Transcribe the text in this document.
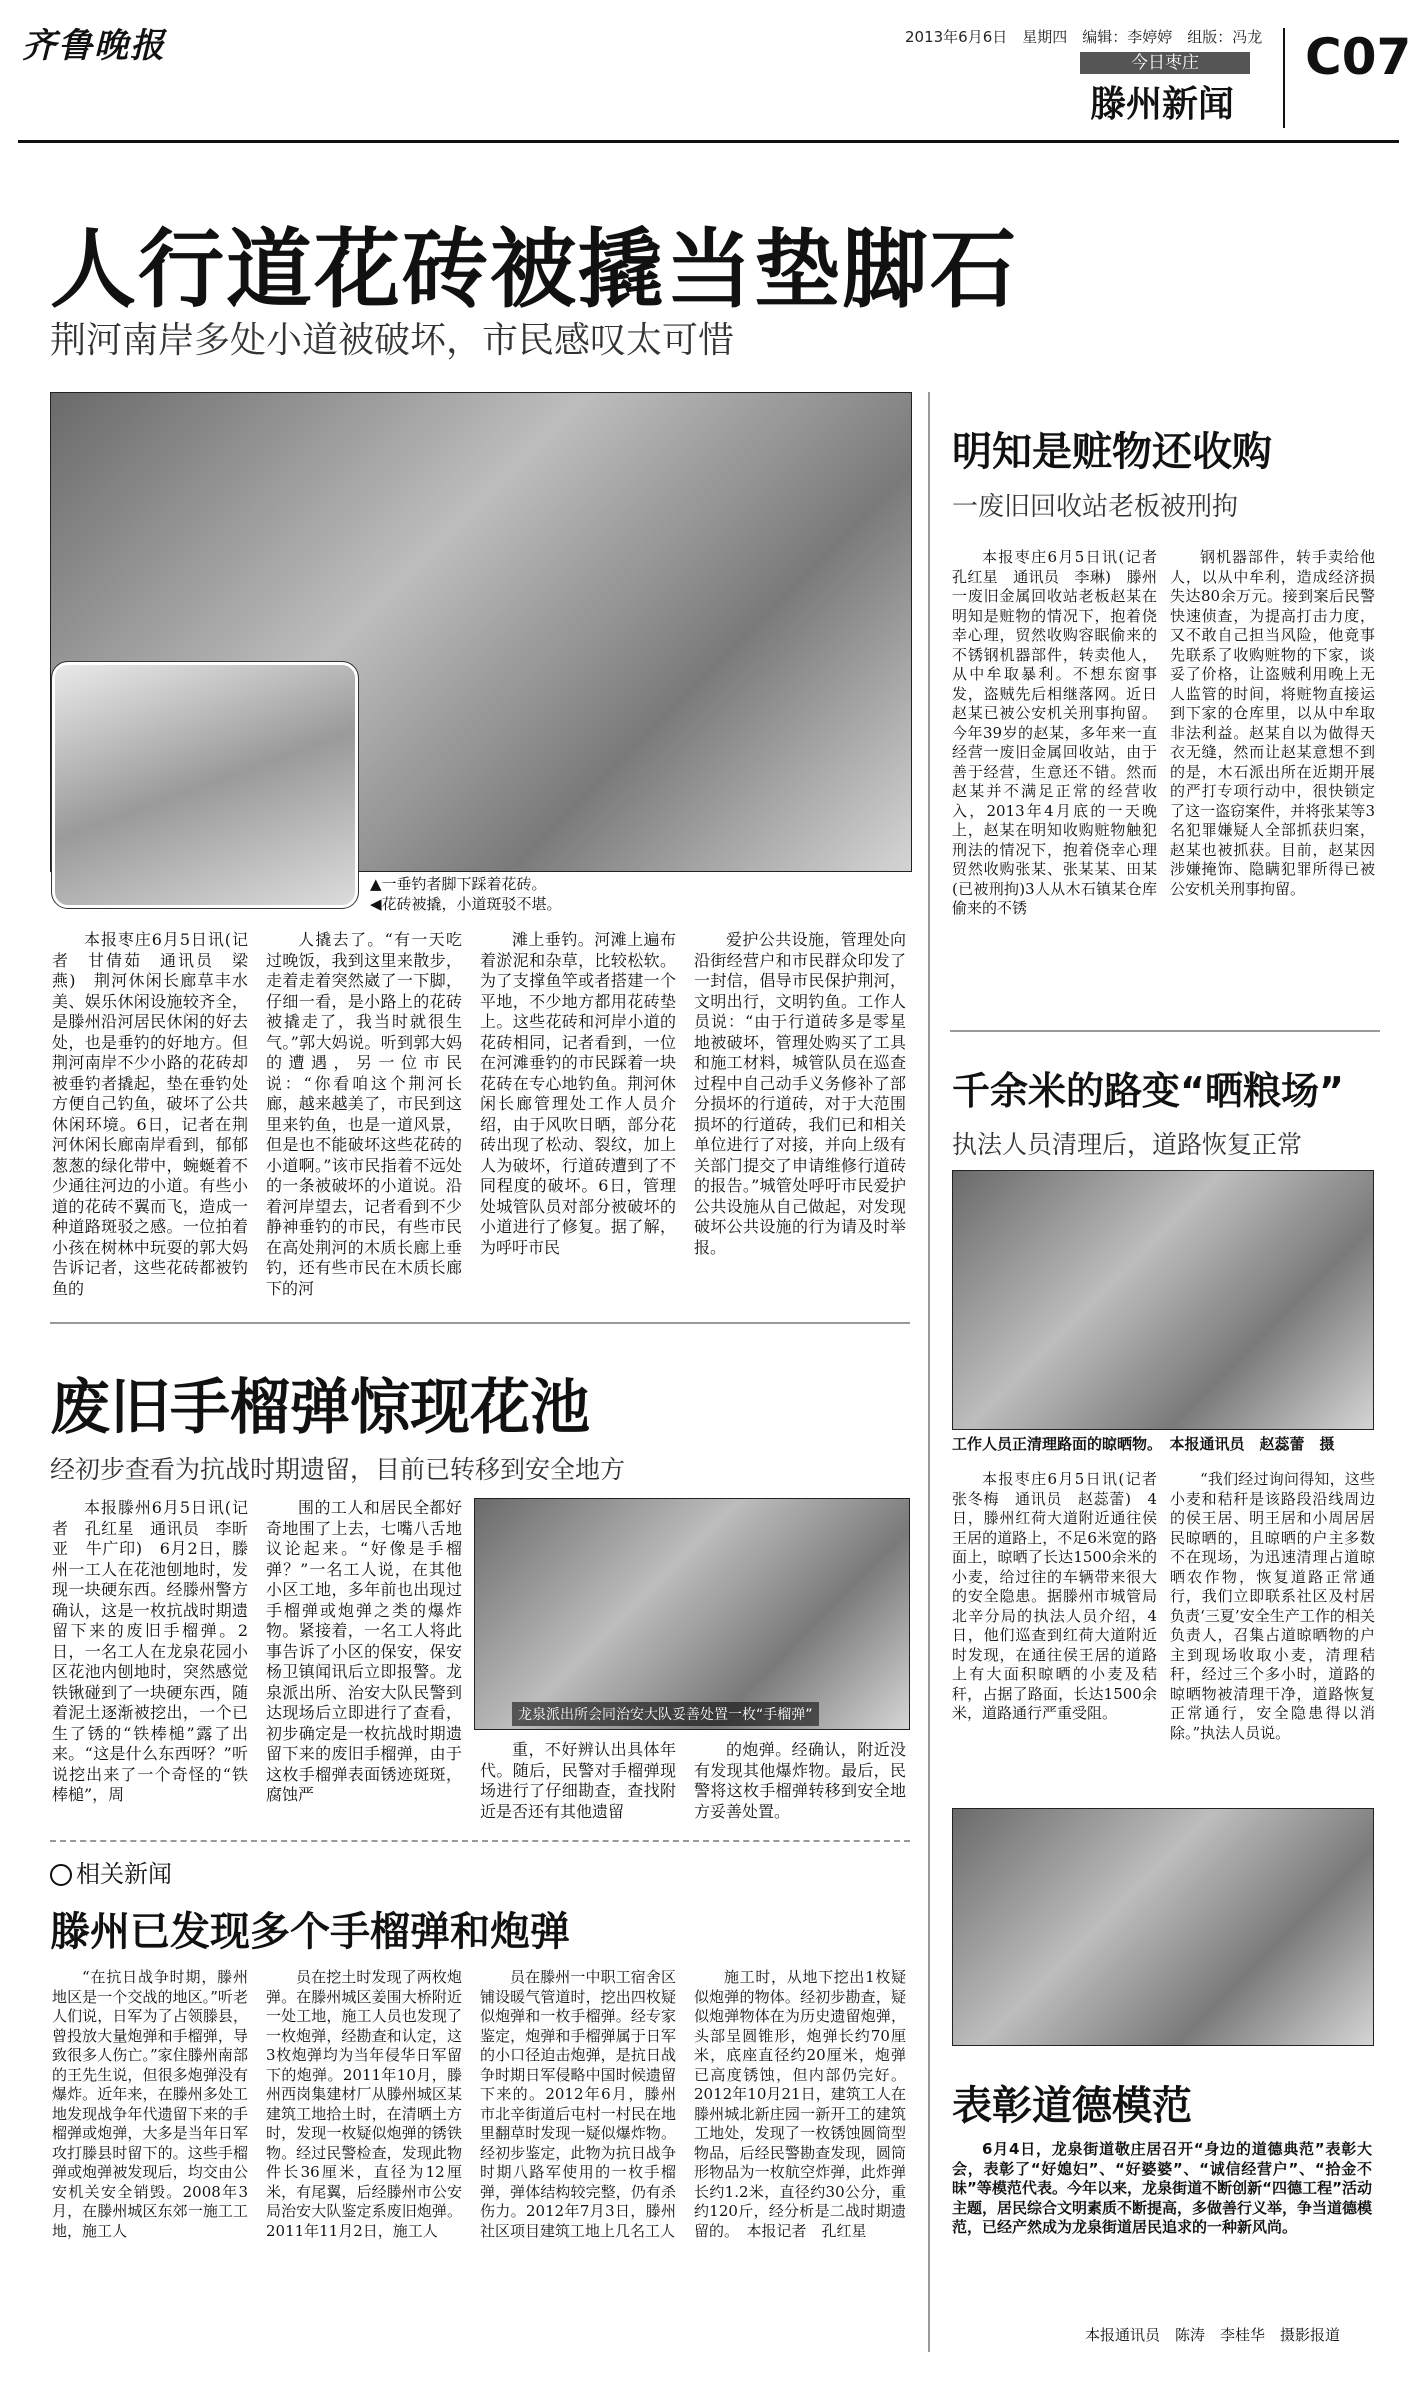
齐鲁晚报	2013年6月6日　星期四　编辑：李婷婷　组版：冯龙
今日枣庄
滕州新闻
C07
人行道花砖被撬当垫脚石
荆河南岸多处小道被破坏，市民感叹太可惜
▲一垂钓者脚下踩着花砖。
◀花砖被撬，小道斑驳不堪。

本报枣庄6月5日讯(记者　甘倩茹　通讯员　梁燕)　荆河休闲长廊草丰水美、娱乐休闲设施较齐全，是滕州沿河居民休闲的好去处，也是垂钓的好地方。但荆河南岸不少小路的花砖却被垂钓者撬起，垫在垂钓处方便自己钓鱼，破坏了公共休闲环境。6日，记者在荆河休闲长廊南岸看到，郁郁葱葱的绿化带中，蜿蜒着不少通往河边的小道。有些小道的花砖不翼而飞，造成一种道路斑驳之感。一位拍着小孩在树林中玩耍的郭大妈告诉记者，这些花砖都被钓鱼的

人撬去了。“有一天吃过晚饭，我到这里来散步，走着走着突然崴了一下脚，仔细一看，是小路上的花砖被撬走了，我当时就很生气。”郭大妈说。听到郭大妈的遭遇，另一位市民说：“你看咱这个荆河长廊，越来越美了，市民到这里来钓鱼，也是一道风景，但是也不能破坏这些花砖的小道啊。”该市民指着不远处的一条被破坏的小道说。沿着河岸望去，记者看到不少静神垂钓的市民，有些市民在高处荆河的木质长廊上垂钓，还有些市民在木质长廊下的河

滩上垂钓。河滩上遍布着淤泥和杂草，比较松软。为了支撑鱼竿或者搭建一个平地，不少地方都用花砖垫上。这些花砖和河岸小道的花砖相同，记者看到，一位在河滩垂钓的市民踩着一块花砖在专心地钓鱼。荆河休闲长廊管理处工作人员介绍，由于风吹日晒，部分花砖出现了松动、裂纹，加上人为破坏，行道砖遭到了不同程度的破坏。6日，管理处城管队员对部分被破坏的小道进行了修复。据了解，为呼吁市民

爱护公共设施，管理处向沿街经营户和市民群众印发了一封信，倡导市民保护荆河，文明出行，文明钓鱼。工作人员说：“由于行道砖多是零星地被破坏，管理处购买了工具和施工材料，城管队员在巡查过程中自己动手义务修补了部分损坏的行道砖，对于大范围损坏的行道砖，我们已和相关单位进行了对接，并向上级有关部门提交了申请维修行道砖的报告。”城管处呼吁市民爱护公共设施从自己做起，对发现破坏公共设施的行为请及时举报。

明知是赃物还收购
一废旧回收站老板被刑拘

本报枣庄6月5日讯(记者　孔红星　通讯员　李琳)　滕州一废旧金属回收站老板赵某在明知是赃物的情况下，抱着侥幸心理，贸然收购容眠偷来的不锈钢机器部件，转卖他人，从中牟取暴利。不想东窗事发，盗贼先后相继落网。近日赵某已被公安机关刑事拘留。今年39岁的赵某，多年来一直经营一废旧金属回收站，由于善于经营，生意还不错。然而赵某并不满足正常的经营收入，2013年4月底的一天晚上，赵某在明知收购赃物触犯刑法的情况下，抱着侥幸心理贸然收购张某、张某某、田某(已被刑拘)3人从木石镇某仓库偷来的不锈

钢机器部件，转手卖给他人，以从中牟利，造成经济损失达80余万元。接到案后民警快速侦查，为提高打击力度，又不敢自己担当风险，他竟事先联系了收购赃物的下家，谈妥了价格，让盗贼利用晚上无人监管的时间，将赃物直接运到下家的仓库里，以从中牟取非法利益。赵某自以为做得天衣无缝，然而让赵某意想不到的是，木石派出所在近期开展的严打专项行动中，很快锁定了这一盗窃案件，并将张某等3名犯罪嫌疑人全部抓获归案，赵某也被抓获。目前，赵某因涉嫌掩饰、隐瞒犯罪所得已被公安机关刑事拘留。

千余米的路变“晒粮场”
执法人员清理后，道路恢复正常
工作人员正清理路面的晾晒物。　本报通讯员　赵蕊蕾　摄

本报枣庄6月5日讯(记者　张冬梅　通讯员　赵蕊蕾)　4日，滕州红荷大道附近通往侯王居的道路上，不足6米宽的路面上，晾晒了长达1500余米的小麦，给过往的车辆带来很大的安全隐患。据滕州市城管局北辛分局的执法人员介绍，4日，他们巡查到红荷大道附近时发现，在通往侯王居的道路上有大面积晾晒的小麦及秸秆，占据了路面，长达1500余米，道路通行严重受阻。

“我们经过询问得知，这些小麦和秸秆是该路段沿线周边的侯王居、明王居和小周居居民晾晒的，且晾晒的户主多数不在现场，为迅速清理占道晾晒农作物，恢复道路正常通行，我们立即联系社区及村居负责‘三夏’安全生产工作的相关负责人，召集占道晾晒物的户主到现场收取小麦，清理秸秆，经过三个多小时，道路的晾晒物被清理干净，道路恢复正常通行，安全隐患得以消除。”执法人员说。

表彰道德模范

6月4日，龙泉街道敬庄居召开“身边的道德典范”表彰大会，表彰了“好媳妇”、“好婆婆”、“诚信经营户”、“拾金不昧”等模范代表。今年以来，龙泉街道不断创新“四德工程”活动主题，居民综合文明素质不断提高，多做善行义举，争当道德模范，已经产然成为龙泉街道居民追求的一种新风尚。

本报通讯员　陈涛　李桂华　摄影报道
废旧手榴弹惊现花池
经初步查看为抗战时期遗留，目前已转移到安全地方

本报滕州6月5日讯(记者　孔红星　通讯员　李昕亚　牛广印)　6月2日，滕州一工人在花池刨地时，发现一块硬东西。经滕州警方确认，这是一枚抗战时期遗留下来的废旧手榴弹。2日，一名工人在龙泉花园小区花池内刨地时，突然感觉铁锹碰到了一块硬东西，随着泥土逐渐被挖出，一个已生了锈的“铁棒槌”露了出来。“这是什么东西呀？”听说挖出来了一个奇怪的“铁棒槌”，周

围的工人和居民全都好奇地围了上去，七嘴八舌地议论起来。“好像是手榴弹？”一名工人说，在其他小区工地，多年前也出现过手榴弹或炮弹之类的爆炸物。紧接着，一名工人将此事告诉了小区的保安，保安杨卫镇闻讯后立即报警。龙泉派出所、治安大队民警到达现场后立即进行了查看，初步确定是一枚抗战时期遗留下来的废旧手榴弹，由于这枚手榴弹表面锈迹斑斑，腐蚀严

龙泉派出所会同治安大队妥善处置一枚“手榴弹”

重，不好辨认出具体年代。随后，民警对手榴弹现场进行了仔细勘查，查找附近是否还有其他遗留

的炮弹。经确认，附近没有发现其他爆炸物。最后，民警将这枚手榴弹转移到安全地方妥善处置。

相关新闻
滕州已发现多个手榴弹和炮弹

“在抗日战争时期，滕州地区是一个交战的地区。”听老人们说，日军为了占领滕县，曾投放大量炮弹和手榴弹，导致很多人伤亡。”家住滕州南部的王先生说，但很多炮弹没有爆炸。近年来，在滕州多处工地发现战争年代遗留下来的手榴弹或炮弹，大多是当年日军攻打滕县时留下的。这些手榴弹或炮弹被发现后，均交由公安机关安全销毁。2008年3月，在滕州城区东郊一施工工地，施工人

员在挖土时发现了两枚炮弹。在滕州城区姜围大桥附近一处工地，施工人员也发现了一枚炮弹，经勘查和认定，这3枚炮弹均为当年侵华日军留下的炮弹。2011年10月，滕州西岗集建材厂从滕州城区某建筑工地拾土时，在清晒土方时，发现一枚疑似炮弹的锈铁物。经过民警检查，发现此物件长36厘米，直径为12厘米，有尾翼，后经滕州市公安局治安大队鉴定系废旧炮弹。2011年11月2日，施工人

员在滕州一中职工宿舍区铺设暖气管道时，挖出四枚疑似炮弹和一枚手榴弹。经专家鉴定，炮弹和手榴弹属于日军的小口径迫击炮弹，是抗日战争时期日军侵略中国时候遗留下来的。2012年6月，滕州市北辛街道后屯村一村民在地里翻草时发现一疑似爆炸物。经初步鉴定，此物为抗日战争时期八路军使用的一枚手榴弹，弹体结构较完整，仍有杀伤力。2012年7月3日，滕州社区项目建筑工地上几名工人

施工时，从地下挖出1枚疑似炮弹的物体。经初步勘查，疑似炮弹物体在为历史遗留炮弹，头部呈圆锥形，炮弹长约70厘米，底座直径约20厘米，炮弹已高度锈蚀，但内部仍完好。2012年10月21日，建筑工人在滕州城北新庄园一新开工的建筑工地处，发现了一枚锈蚀圆筒型物品，后经民警勘查发现，圆筒形物品为一枚航空炸弹，此炸弹长约1.2米，直径约30公分，重约120斤，经分析是二战时期遗留的。　本报记者　孔红星
